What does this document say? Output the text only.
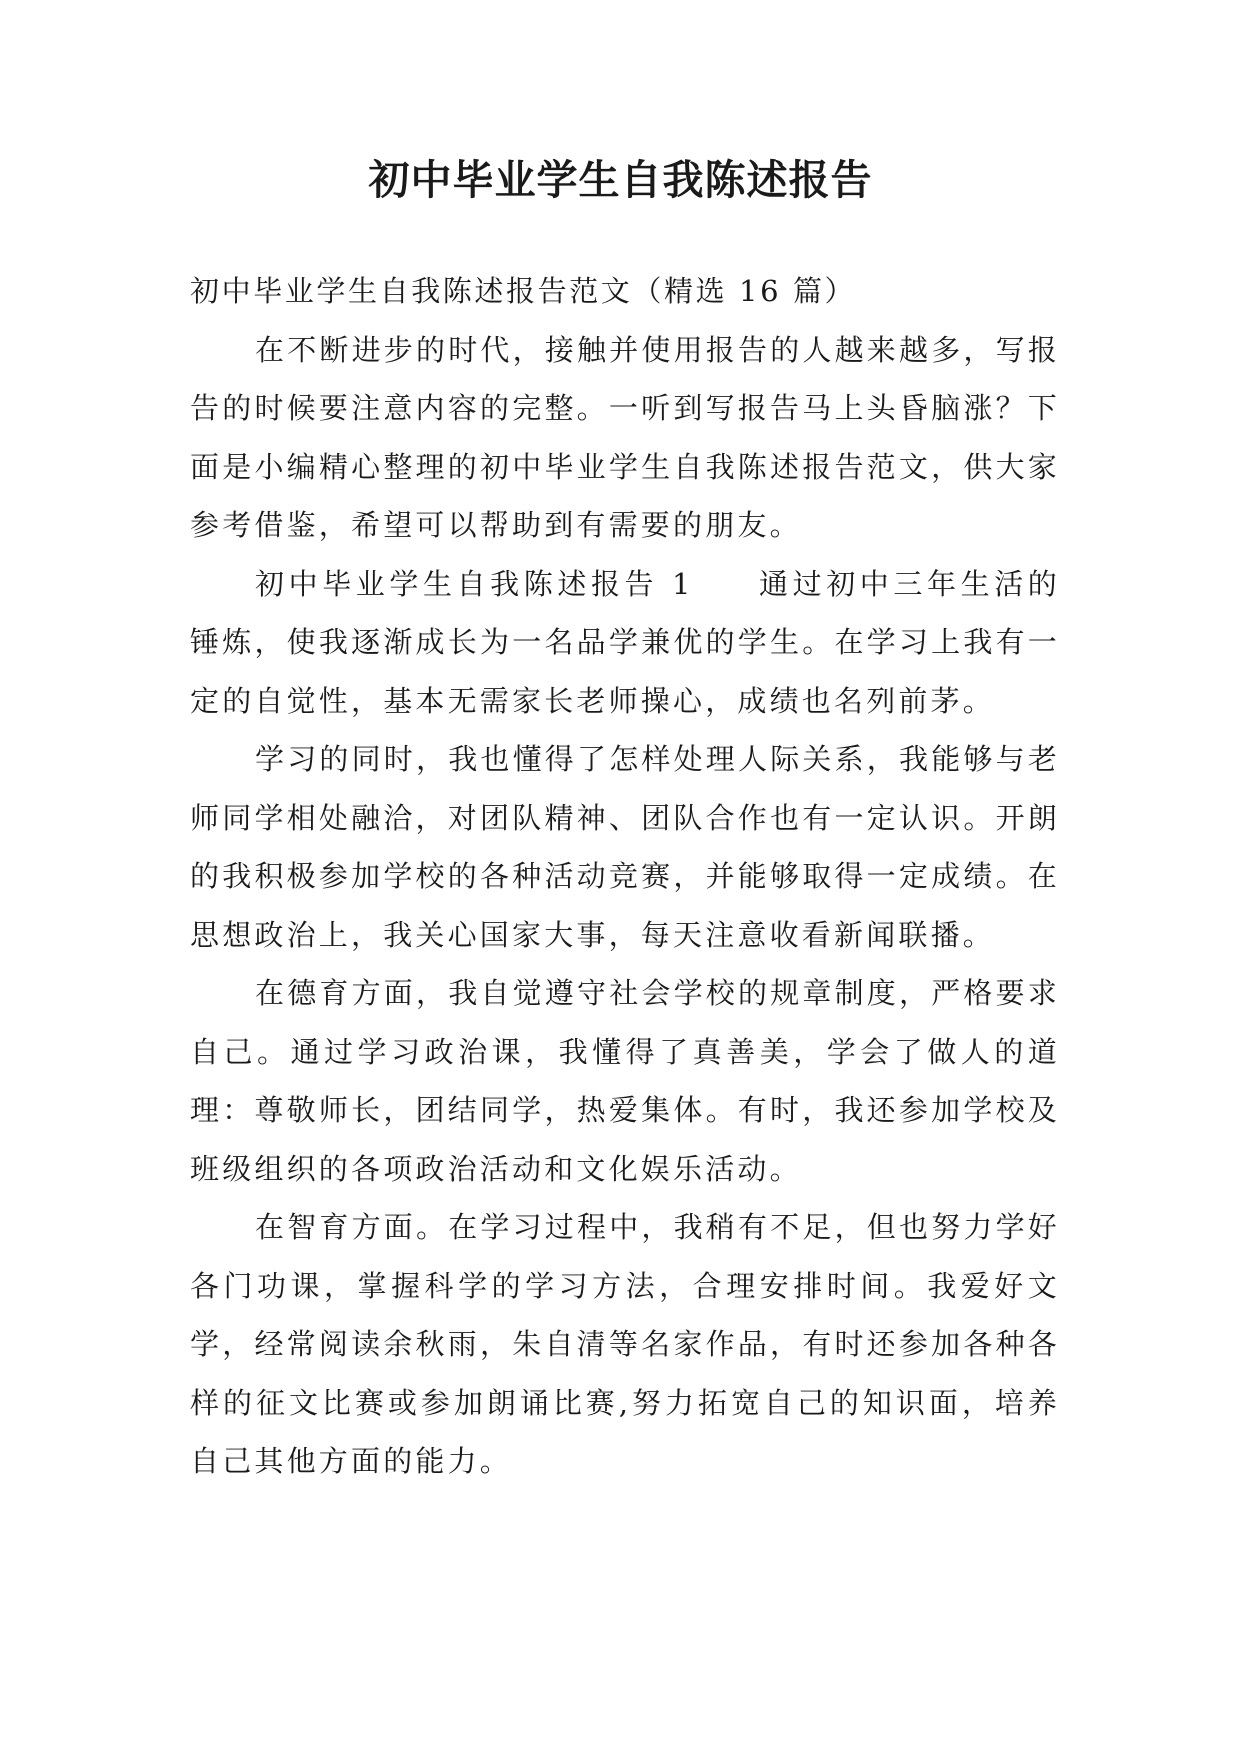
初中毕业学生自我陈述报告

初中毕业学生自我陈述报告范文（精选 16 篇）

在不断进步的时代，接触并使用报告的人越来越多，写报告的时候要注意内容的完整。一听到写报告马上头昏脑涨？下面是小编精心整理的初中毕业学生自我陈述报告范文，供大家参考借鉴，希望可以帮助到有需要的朋友。

初中毕业学生自我陈述报告 1 通过初中三年生活的锤炼，使我逐渐成长为一名品学兼优的学生。在学习上我有一定的自觉性，基本无需家长老师操心，成绩也名列前茅。

学习的同时，我也懂得了怎样处理人际关系，我能够与老师同学相处融洽，对团队精神、团队合作也有一定认识。开朗的我积极参加学校的各种活动竞赛，并能够取得一定成绩。在思想政治上，我关心国家大事，每天注意收看新闻联播。

在德育方面，我自觉遵守社会学校的规章制度，严格要求自己。通过学习政治课，我懂得了真善美，学会了做人的道理：尊敬师长，团结同学，热爱集体。有时，我还参加学校及班级组织的各项政治活动和文化娱乐活动。

在智育方面。在学习过程中，我稍有不足，但也努力学好各门功课，掌握科学的学习方法，合理安排时间。我爱好文学，经常阅读余秋雨，朱自清等名家作品，有时还参加各种各样的征文比赛或参加朗诵比赛,努力拓宽自己的知识面，培养自己其他方面的能力。
